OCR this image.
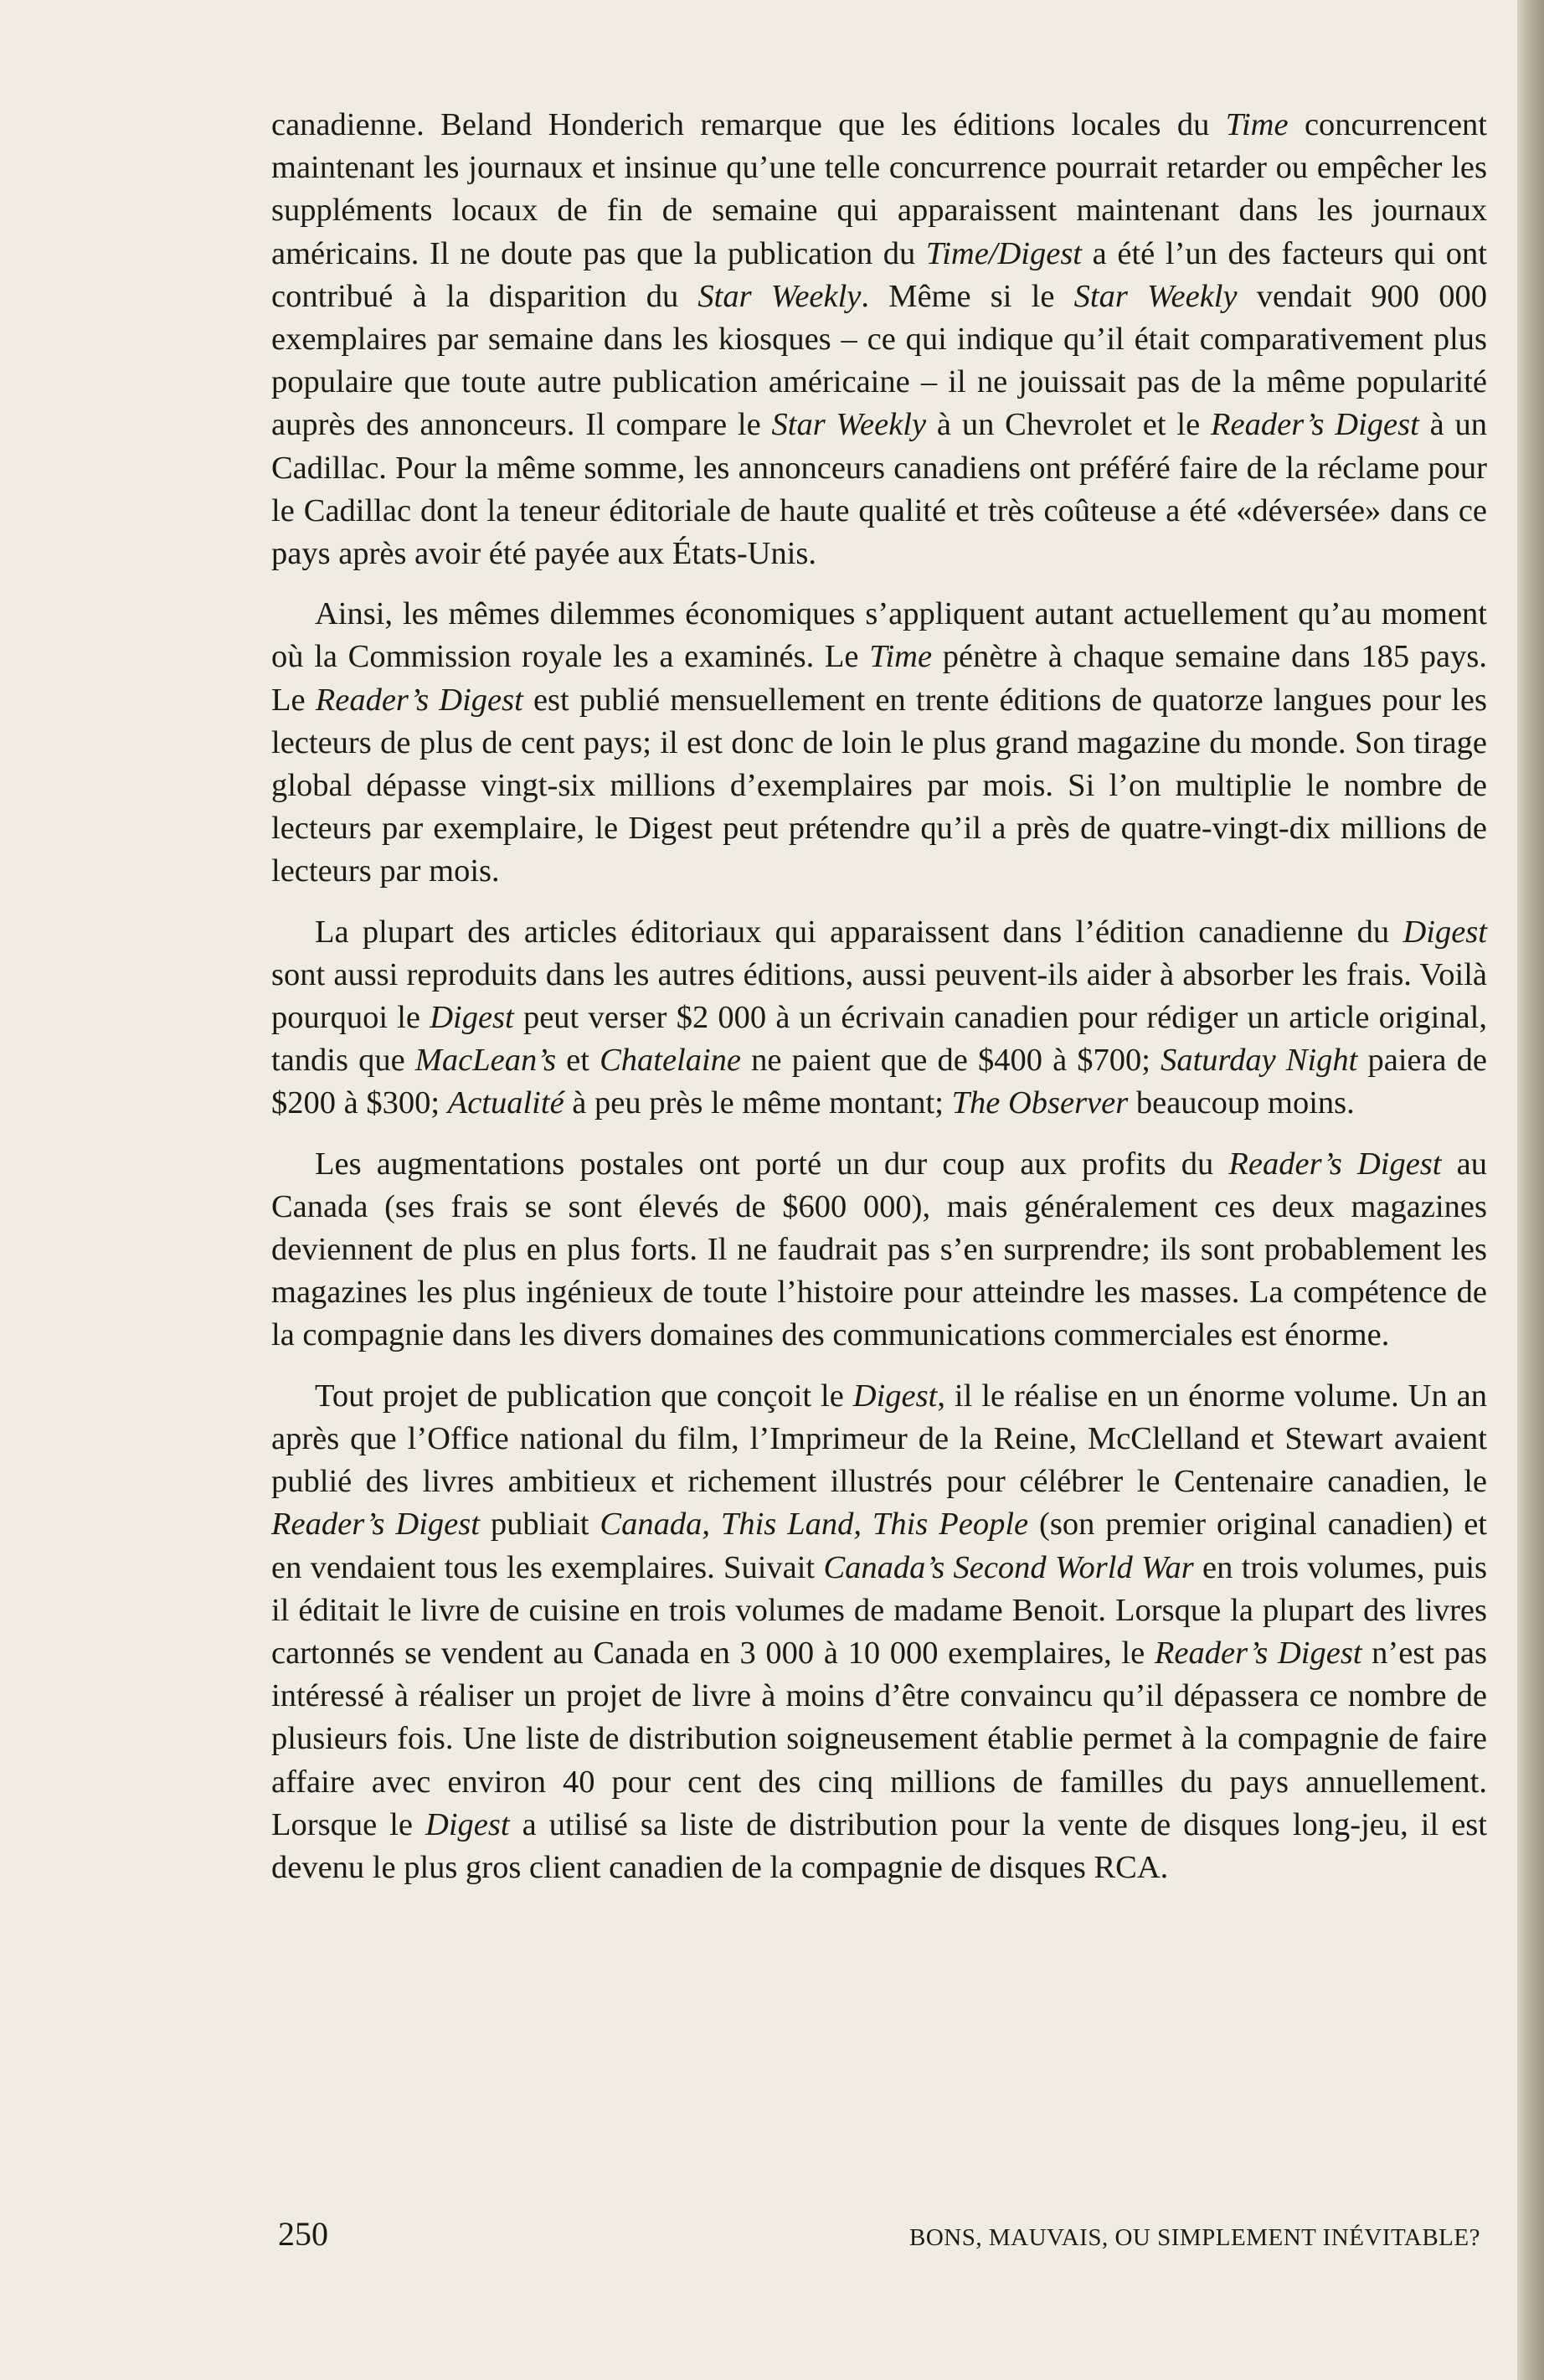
canadienne. Beland Honderich remarque que les éditions locales du Time concurrencent maintenant les journaux et insinue qu’une telle concurrence pourrait retarder ou empêcher les suppléments locaux de fin de semaine qui apparaissent maintenant dans les journaux américains. Il ne doute pas que la publication du Time/Digest a été l’un des facteurs qui ont contribué à la disparition du Star Weekly. Même si le Star Weekly vendait 900 000 exemplaires par semaine dans les kiosques – ce qui indique qu’il était comparativement plus populaire que toute autre publication américaine – il ne jouissait pas de la même popularité auprès des annonceurs. Il compare le Star Weekly à un Chevrolet et le Reader’s Digest à un Cadillac. Pour la même somme, les annonceurs canadiens ont préféré faire de la réclame pour le Cadillac dont la teneur éditoriale de haute qualité et très coûteuse a été «déversée» dans ce pays après avoir été payée aux États-Unis.

Ainsi, les mêmes dilemmes économiques s’appliquent autant actuellement qu’au moment où la Commission royale les a examinés. Le Time pénètre à chaque semaine dans 185 pays. Le Reader’s Digest est publié mensuellement en trente éditions de quatorze langues pour les lecteurs de plus de cent pays; il est donc de loin le plus grand magazine du monde. Son tirage global dépasse vingt-six millions d’exemplaires par mois. Si l’on multiplie le nombre de lecteurs par exemplaire, le Digest peut prétendre qu’il a près de quatre-vingt-dix millions de lecteurs par mois.

La plupart des articles éditoriaux qui apparaissent dans l’édition canadienne du Digest sont aussi reproduits dans les autres éditions, aussi peuvent-ils aider à absorber les frais. Voilà pourquoi le Digest peut verser $2 000 à un écrivain canadien pour rédiger un article original, tandis que MacLean’s et Chatelaine ne paient que de $400 à $700; Saturday Night paiera de $200 à $300; Actualité à peu près le même montant; The Observer beaucoup moins.

Les augmentations postales ont porté un dur coup aux profits du Reader’s Digest au Canada (ses frais se sont élevés de $600 000), mais généralement ces deux magazines deviennent de plus en plus forts. Il ne faudrait pas s’en surprendre; ils sont probablement les magazines les plus ingénieux de toute l’histoire pour atteindre les masses. La compétence de la compagnie dans les divers domaines des communications commerciales est énorme.

Tout projet de publication que conçoit le Digest, il le réalise en un énorme volume. Un an après que l’Office national du film, l’Imprimeur de la Reine, McClelland et Stewart avaient publié des livres ambitieux et richement illustrés pour célébrer le Centenaire canadien, le Reader’s Digest publiait Canada, This Land, This People (son premier original canadien) et en vendaient tous les exemplaires. Suivait Canada’s Second World War en trois volumes, puis il éditait le livre de cuisine en trois volumes de madame Benoit. Lorsque la plupart des livres cartonnés se vendent au Canada en 3 000 à 10 000 exemplaires, le Reader’s Digest n’est pas intéressé à réaliser un projet de livre à moins d’être convaincu qu’il dépassera ce nombre de plusieurs fois. Une liste de distribution soigneusement établie permet à la compagnie de faire affaire avec environ 40 pour cent des cinq millions de familles du pays annuellement. Lorsque le Digest a utilisé sa liste de distribution pour la vente de disques long-jeu, il est devenu le plus gros client canadien de la compagnie de disques RCA.

250	BONS, MAUVAIS, OU SIMPLEMENT INÉVITABLE?
